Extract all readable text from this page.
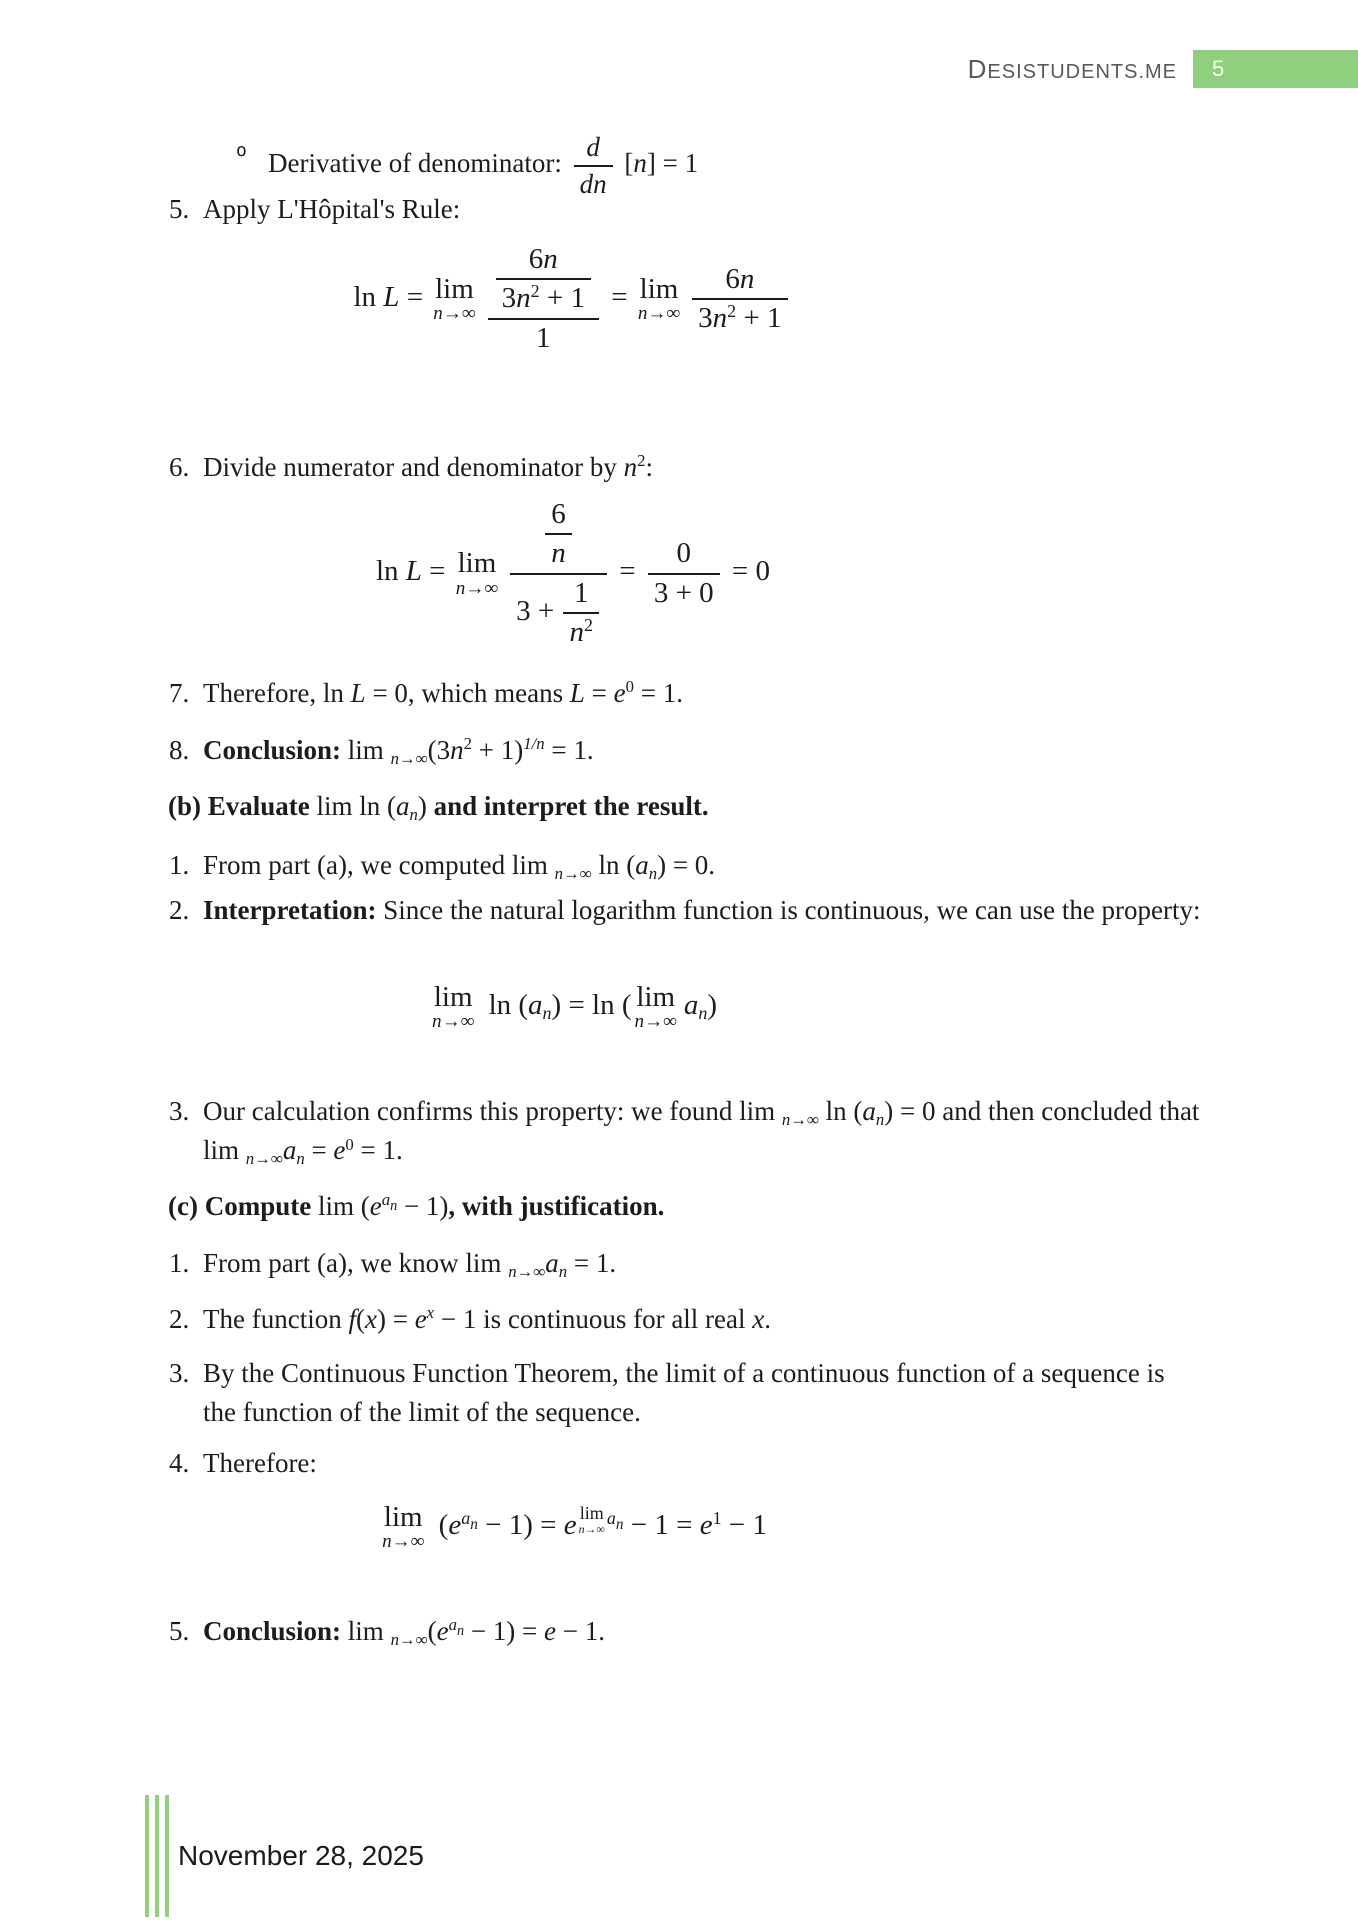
DESISTUDENTS.ME 5
o Derivative of denominator: $\frac{d}{dn} [n] = 1$
5. Apply L'Hôpital's Rule:
ln L = lim
$n\to\infty \frac{\frac{6n}{3n^2 + 1}}{1} = \lim$
$n\to\infty \frac{6n}{3n^2 + 1}$
6. Divide numerator and denominator by $n^2$:
ln L = lim
$n\to\infty \frac{\frac{6}{n}}{3 + \frac{1}{n^2}} = \frac{0}{3 + 0} = 0$
7. Therefore, ln L = 0, which means $L = e^0 = 1$.
8. Conclusion: $\lim _{n\to\infty}(3n^2 + 1)^{1/n} = 1$.
(b) Evaluate $\lim \ln (a_n)$ and interpret the result.
1. From part (a), we computed lim $_{n\to\infty}$ $\ln (a_n) = 0$.
2. Interpretation: Since the natural logarithm function is continuous, we can use the property:
lim
n→∞
$\ln (a_n) = \ln$ ( lim
n→∞
$a_n$)
3. Our calculation confirms this property: we found lim $_{n\to\infty}$ $\ln (a_n) = 0$ and then concluded that $\lim _{n\to\infty}a_n = e^0 = 1$.
(c) Compute $\lim (e^{a_n} - 1)$, with justification.
1. From part (a), we know $\lim _{n\to\infty}a_n = 1$.
2. The function $f(x) = e^x - 1$ is continuous for all real x.
3. By the Continuous Function Theorem, the limit of a continuous function of a sequence is the function of the limit of the sequence.
4. Therefore:
lim
n→∞
$(e^{a_n} - 1) = e$ $^{lim n\to\infty a_n} - 1 = e^1 - 1$
5. Conclusion: $\lim _{n\to\infty}(e^{a_n} - 1) = e - 1$.
November 28, 2025
